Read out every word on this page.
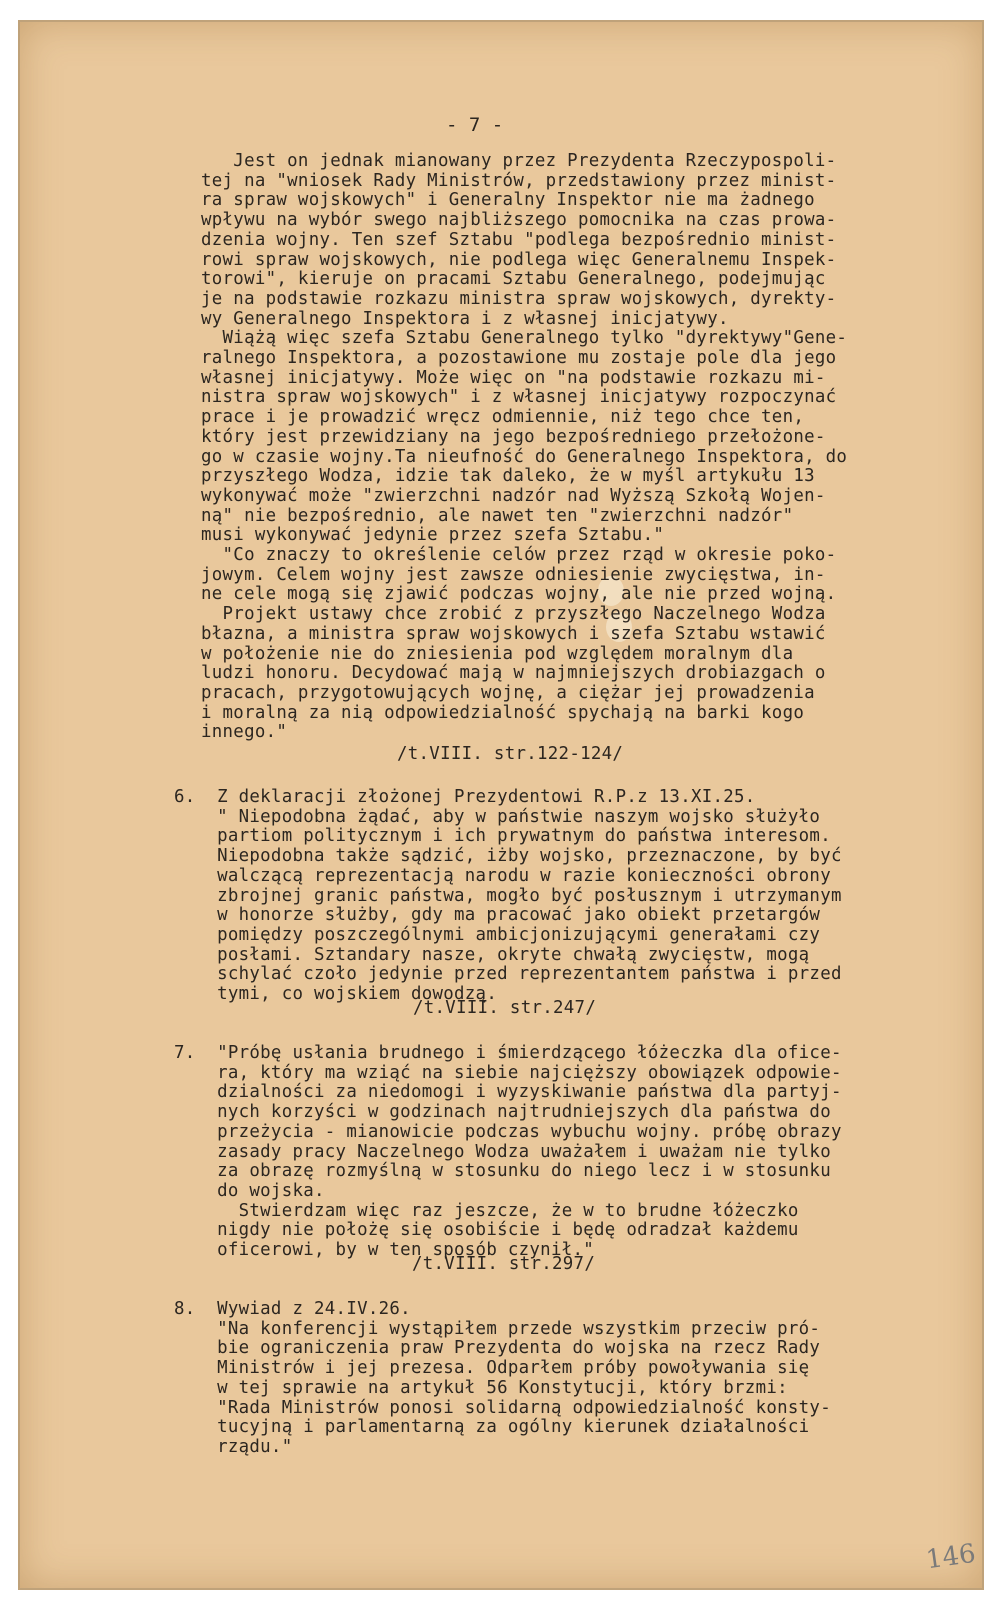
- 7 -
Jest on jednak mianowany przez Prezydenta Rzeczypospoli-
tej na "wniosek Rady Ministrów, przedstawiony przez minist-
ra spraw wojskowych" i Generalny Inspektor nie ma żadnego
wpływu na wybór swego najbliższego pomocnika na czas prowa-
dzenia wojny. Ten szef Sztabu "podlega bezpośrednio minist-
rowi spraw wojskowych, nie podlega więc Generalnemu Inspek-
torowi", kieruje on pracami Sztabu Generalnego, podejmując
je na podstawie rozkazu ministra spraw wojskowych, dyrekty-
wy Generalnego Inspektora i z własnej inicjatywy.
Wiążą więc szefa Sztabu Generalnego tylko "dyrektywy"Gene-
ralnego Inspektora, a pozostawione mu zostaje pole dla jego
własnej inicjatywy. Może więc on "na podstawie rozkazu mi-
nistra spraw wojskowych" i z własnej inicjatywy rozpoczynać
prace i je prowadzić wręcz odmiennie, niż tego chce ten,
który jest przewidziany na jego bezpośredniego przełożone-
go w czasie wojny.Ta nieufność do Generalnego Inspektora, do
przyszłego Wodza, idzie tak daleko, że w myśl artykułu 13
wykonywać może "zwierzchni nadzór nad Wyższą Szkołą Wojen-
ną" nie bezpośrednio, ale nawet ten "zwierzchni nadzór"
musi wykonywać jedynie przez szefa Sztabu."
"Co znaczy to określenie celów przez rząd w okresie poko-
jowym. Celem wojny jest zawsze odniesienie zwycięstwa, in-
ne cele mogą się zjawić podczas wojny, ale nie przed wojną.
Projekt ustawy chce zrobić z przyszłego Naczelnego Wodza
błazna, a ministra spraw wojskowych i szefa Sztabu wstawić
w położenie nie do zniesienia pod względem moralnym dla
ludzi honoru. Decydować mają w najmniejszych drobiazgach o
pracach, przygotowujących wojnę, a ciężar jej prowadzenia
i moralną za nią odpowiedzialność spychają na barki kogo
innego."
/t.VIII. str.122-124/
6.  Z deklaracji złożonej Prezydentowi R.P.z 13.XI.25.
" Niepodobna żądać, aby w państwie naszym wojsko służyło
partiom politycznym i ich prywatnym do państwa interesom.
Niepodobna także sądzić, iżby wojsko, przeznaczone, by być
walczącą reprezentacją narodu w razie konieczności obrony
zbrojnej granic państwa, mogło być posłusznym i utrzymanym
w honorze służby, gdy ma pracować jako obiekt przetargów
pomiędzy poszczególnymi ambicjonizującymi generałami czy
posłami. Sztandary nasze, okryte chwałą zwycięstw, mogą
schylać czoło jedynie przed reprezentantem państwa i przed
tymi, co wojskiem dowodzą.
/t.VIII. str.247/
7.  "Próbę usłania brudnego i śmierdzącego łóżeczka dla ofice-
ra, który ma wziąć na siebie najcięższy obowiązek odpowie-
dzialności za niedomogi i wyzyskiwanie państwa dla partyj-
nych korzyści w godzinach najtrudniejszych dla państwa do
przeżycia - mianowicie podczas wybuchu wojny. próbę obrazy
zasady pracy Naczelnego Wodza uważałem i uważam nie tylko
za obrazę rozmyślną w stosunku do niego lecz i w stosunku
do wojska.
Stwierdzam więc raz jeszcze, że w to brudne łóżeczko
nigdy nie położę się osobiście i będę odradzał każdemu
oficerowi, by w ten sposób czynił."
/t.VIII. str.297/
8.  Wywiad z 24.IV.26.
"Na konferencji wystąpiłem przede wszystkim przeciw pró-
bie ograniczenia praw Prezydenta do wojska na rzecz Rady
Ministrów i jej prezesa. Odparłem próby powoływania się
w tej sprawie na artykuł 56 Konstytucji, który brzmi:
"Rada Ministrów ponosi solidarną odpowiedzialność konsty-
tucyjną i parlamentarną za ogólny kierunek działalności
rządu."
146
